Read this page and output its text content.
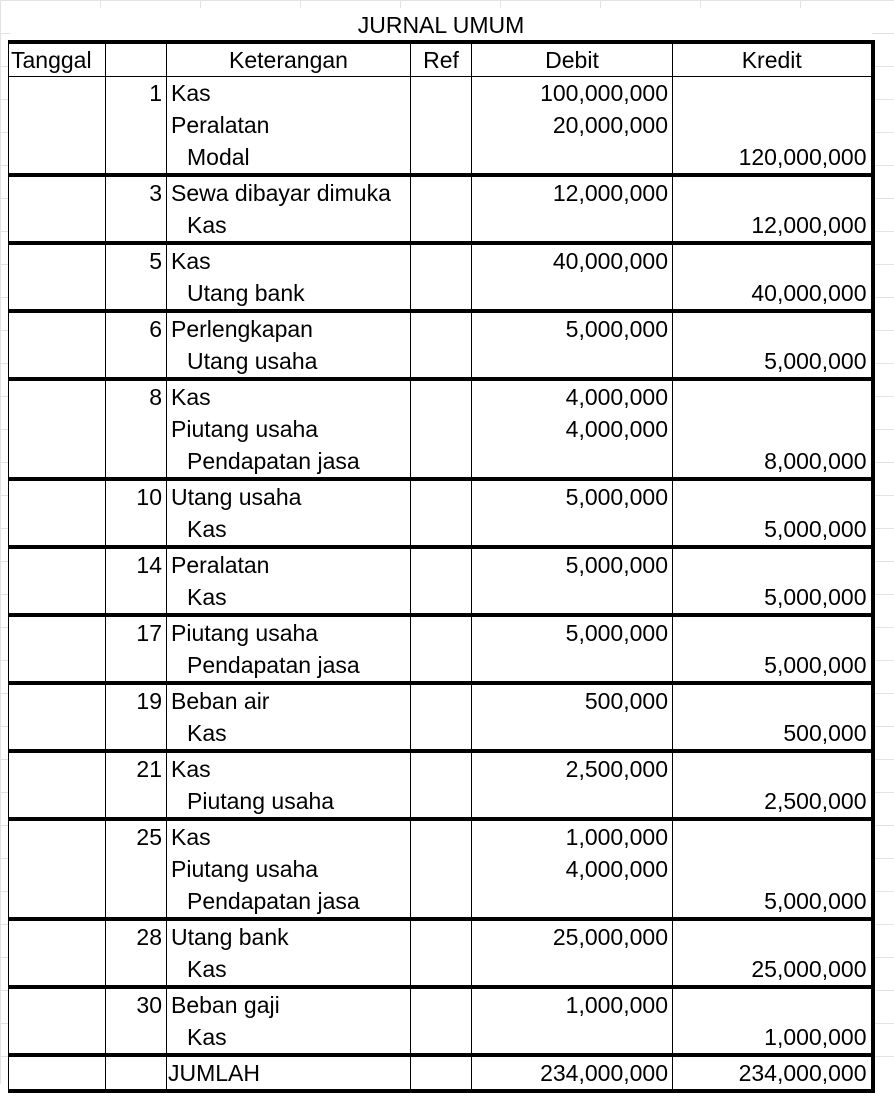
JURNAL UMUM
Tanggal		Keterangan	Ref	Debit	Kredit
	1	Kas		100,000,000	
		Peralatan		20,000,000	
		Modal			120,000,000
	3	Sewa dibayar dimuka		12,000,000	
		Kas			12,000,000
	5	Kas		40,000,000	
		Utang bank			40,000,000
	6	Perlengkapan		5,000,000	
		Utang usaha			5,000,000
	8	Kas		4,000,000	
		Piutang usaha		4,000,000	
		Pendapatan jasa			8,000,000
	10	Utang usaha		5,000,000	
		Kas			5,000,000
	14	Peralatan		5,000,000	
		Kas			5,000,000
	17	Piutang usaha		5,000,000	
		Pendapatan jasa			5,000,000
	19	Beban air		500,000	
		Kas			500,000
	21	Kas		2,500,000	
		Piutang usaha			2,500,000
	25	Kas		1,000,000	
		Piutang usaha		4,000,000	
		Pendapatan jasa			5,000,000
	28	Utang bank		25,000,000	
		Kas			25,000,000
	30	Beban gaji		1,000,000	
		Kas			1,000,000
		JUMLAH		234,000,000	234,000,000
